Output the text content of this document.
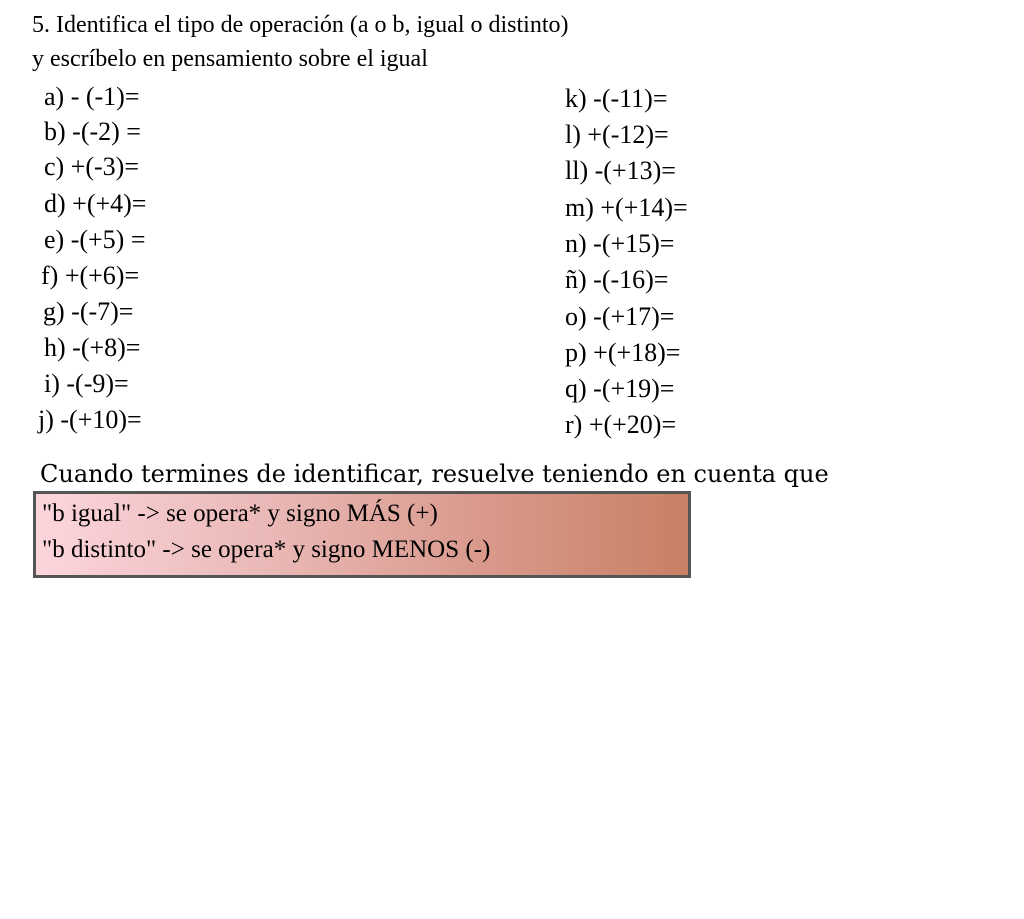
5. Identifica el tipo de operación (a o b, igual o distinto)
y escríbelo en pensamiento sobre el igual
a) - (-1)=
b) -(-2) =
c) +(-3)=
d) +(+4)=
e) -(+5) =
f) +(+6)=
g) -(-7)=
h) -(+8)=
i) -(-9)=
j) -(+10)=
k) -(-11)=
l) +(-12)=
ll) -(+13)=
m) +(+14)=
n) -(+15)=
ñ) -(-16)=
o) -(+17)=
p) +(+18)=
q) -(+19)=
r) +(+20)=
Cuando termines de identificar, resuelve teniendo en cuenta que
"b igual" -> se opera* y signo MÁS (+)
"b distinto" -> se opera* y signo MENOS (-)
